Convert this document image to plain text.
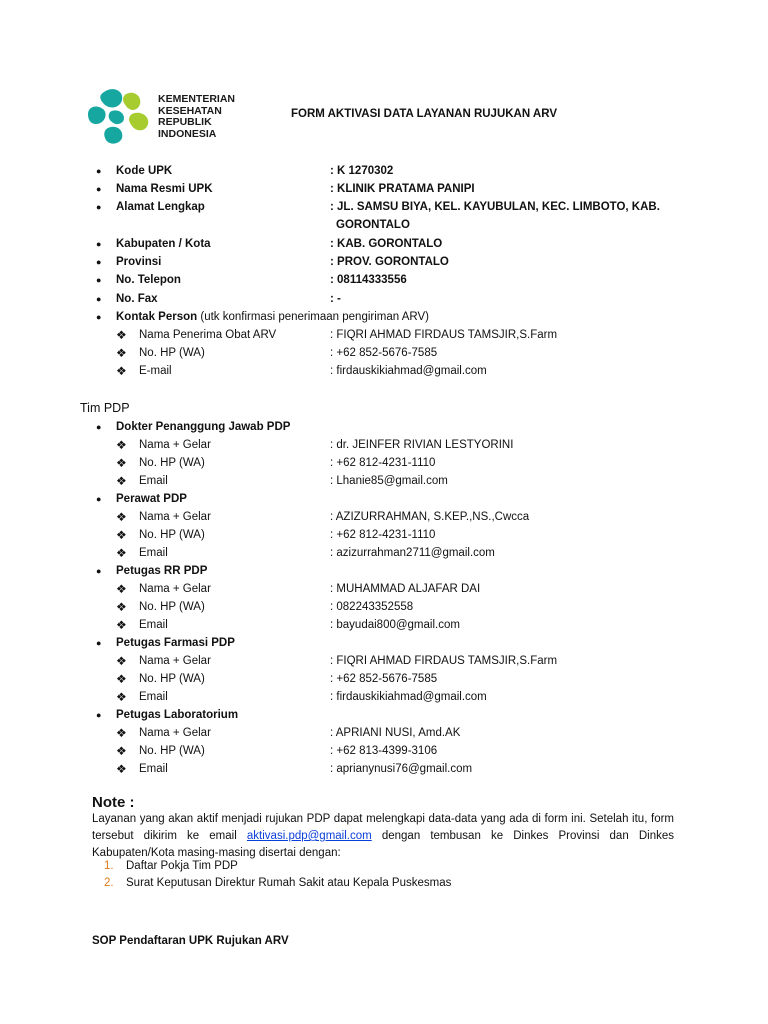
KEMENTERIAN
KESEHATAN
REPUBLIK
INDONESIA
FORM AKTIVASI DATA LAYANAN RUJUKAN ARV
● Kode UPK	: K 1270302
● Nama Resmi UPK	: KLINIK PRATAMA PANIPI
● Alamat Lengkap	: JL. SAMSU BIYA, KEL. KAYUBULAN, KEC. LIMBOTO, KAB.
GORONTALO
● Kabupaten / Kota	: KAB. GORONTALO
● Provinsi	: PROV. GORONTALO
● No. Telepon	: 08114333556
● No. Fax	: -
● Kontak Person (utk konfirmasi penerimaan pengiriman ARV)
❖ Nama Penerima Obat ARV	: FIQRI AHMAD FIRDAUS TAMSJIR,S.Farm
❖ No. HP (WA)	: +62 852-5676-7585
❖ E-mail	: firdauskikiahmad@gmail.com
Tim PDP
● Dokter Penanggung Jawab PDP
❖ Nama + Gelar	: dr. JEINFER RIVIAN LESTYORINI
❖ No. HP (WA)	: +62 812-4231-1110
❖ Email	: Lhanie85@gmail.com
● Perawat PDP
❖ Nama + Gelar	: AZIZURRAHMAN, S.KEP.,NS.,Cwcca
❖ No. HP (WA)	: +62 812-4231-1110
❖ Email	: azizurrahman2711@gmail.com
● Petugas RR PDP
❖ Nama + Gelar	: MUHAMMAD ALJAFAR DAI
❖ No. HP (WA)	: 082243352558
❖ Email	: bayudai800@gmail.com
● Petugas Farmasi PDP
❖ Nama + Gelar	: FIQRI AHMAD FIRDAUS TAMSJIR,S.Farm
❖ No. HP (WA)	: +62 852-5676-7585
❖ Email	: firdauskikiahmad@gmail.com
● Petugas Laboratorium
❖ Nama + Gelar	: APRIANI NUSI, Amd.AK
❖ No. HP (WA)	: +62 813-4399-3106
❖ Email	: aprianynusi76@gmail.com
Note :
Layanan yang akan aktif menjadi rujukan PDP dapat melengkapi data-data yang ada di form ini. Setelah itu, form tersebut dikirim ke email aktivasi.pdp@gmail.com dengan tembusan ke Dinkes Provinsi dan Dinkes Kabupaten/Kota masing-masing disertai dengan:
1. Daftar Pokja Tim PDP
2. Surat Keputusan Direktur Rumah Sakit atau Kepala Puskesmas
SOP Pendaftaran UPK Rujukan ARV
